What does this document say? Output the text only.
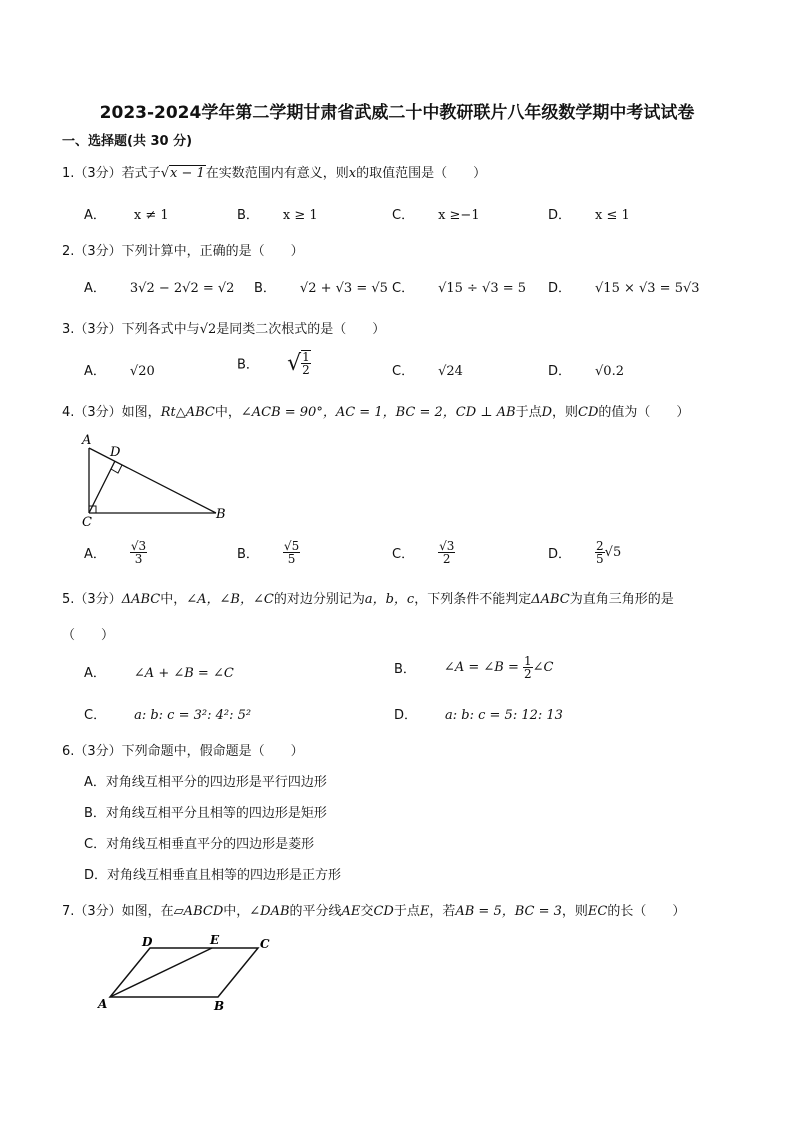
2023-2024学年第二学期甘肃省武威二十中教研联片八年级数学期中考试试卷
一、选择题(共 30 分)
1.（3分）若式子√x − 1在实数范围内有意义，则x的取值范围是（　　）
A． x ≠ 1	B． x ≥ 1	C． x ≥−1	D． x ≤ 1
2.（3分）下列计算中，正确的是（　　）
A． 3√2 − 2√2 = √2 B． √2 + √3 = √5 C． √15 ÷ √3 = 5 D． √15 × √3 = 5√3
3.（3分）下列各式中与√2是同类二次根式的是（　　）
A． √20	B． √ $\frac{1}{2}$	C． √24	D． √0.2
4.（3分）如图，Rt△ABC中，∠ACB = 90°，AC = 1，BC = 2，CD ⊥ AB于点D，则CD的值为（　　）
A
D
C
B
A． $\frac{√3}{3}$	B． $\frac{√5}{5}$	C． $\frac{√3}{2}$	D． $\frac{2}{5} √5$
5.（3分）ΔABC中，∠A，∠B，∠C的对边分别记为a，b，c，下列条件不能判定ΔABC为直角三角形的是
（　　）
A． ∠A + ∠B = ∠C	B． ∠A = ∠B = $\frac{1}{2}$ ∠C
C． a: b: c = 3²: 4²: 5²	D． a: b: c = 5: 12: 13
6.（3分）下列命题中，假命题是（　　）
A．对角线互相平分的四边形是平行四边形
B．对角线互相平分且相等的四边形是矩形
C．对角线互相垂直平分的四边形是菱形
D．对角线互相垂直且相等的四边形是正方形
7.（3分）如图，在▱ABCD中，∠DAB的平分线AE交CD于点E，若AB = 5，BC = 3，则EC的长（　　）
A	B
C
D	E
